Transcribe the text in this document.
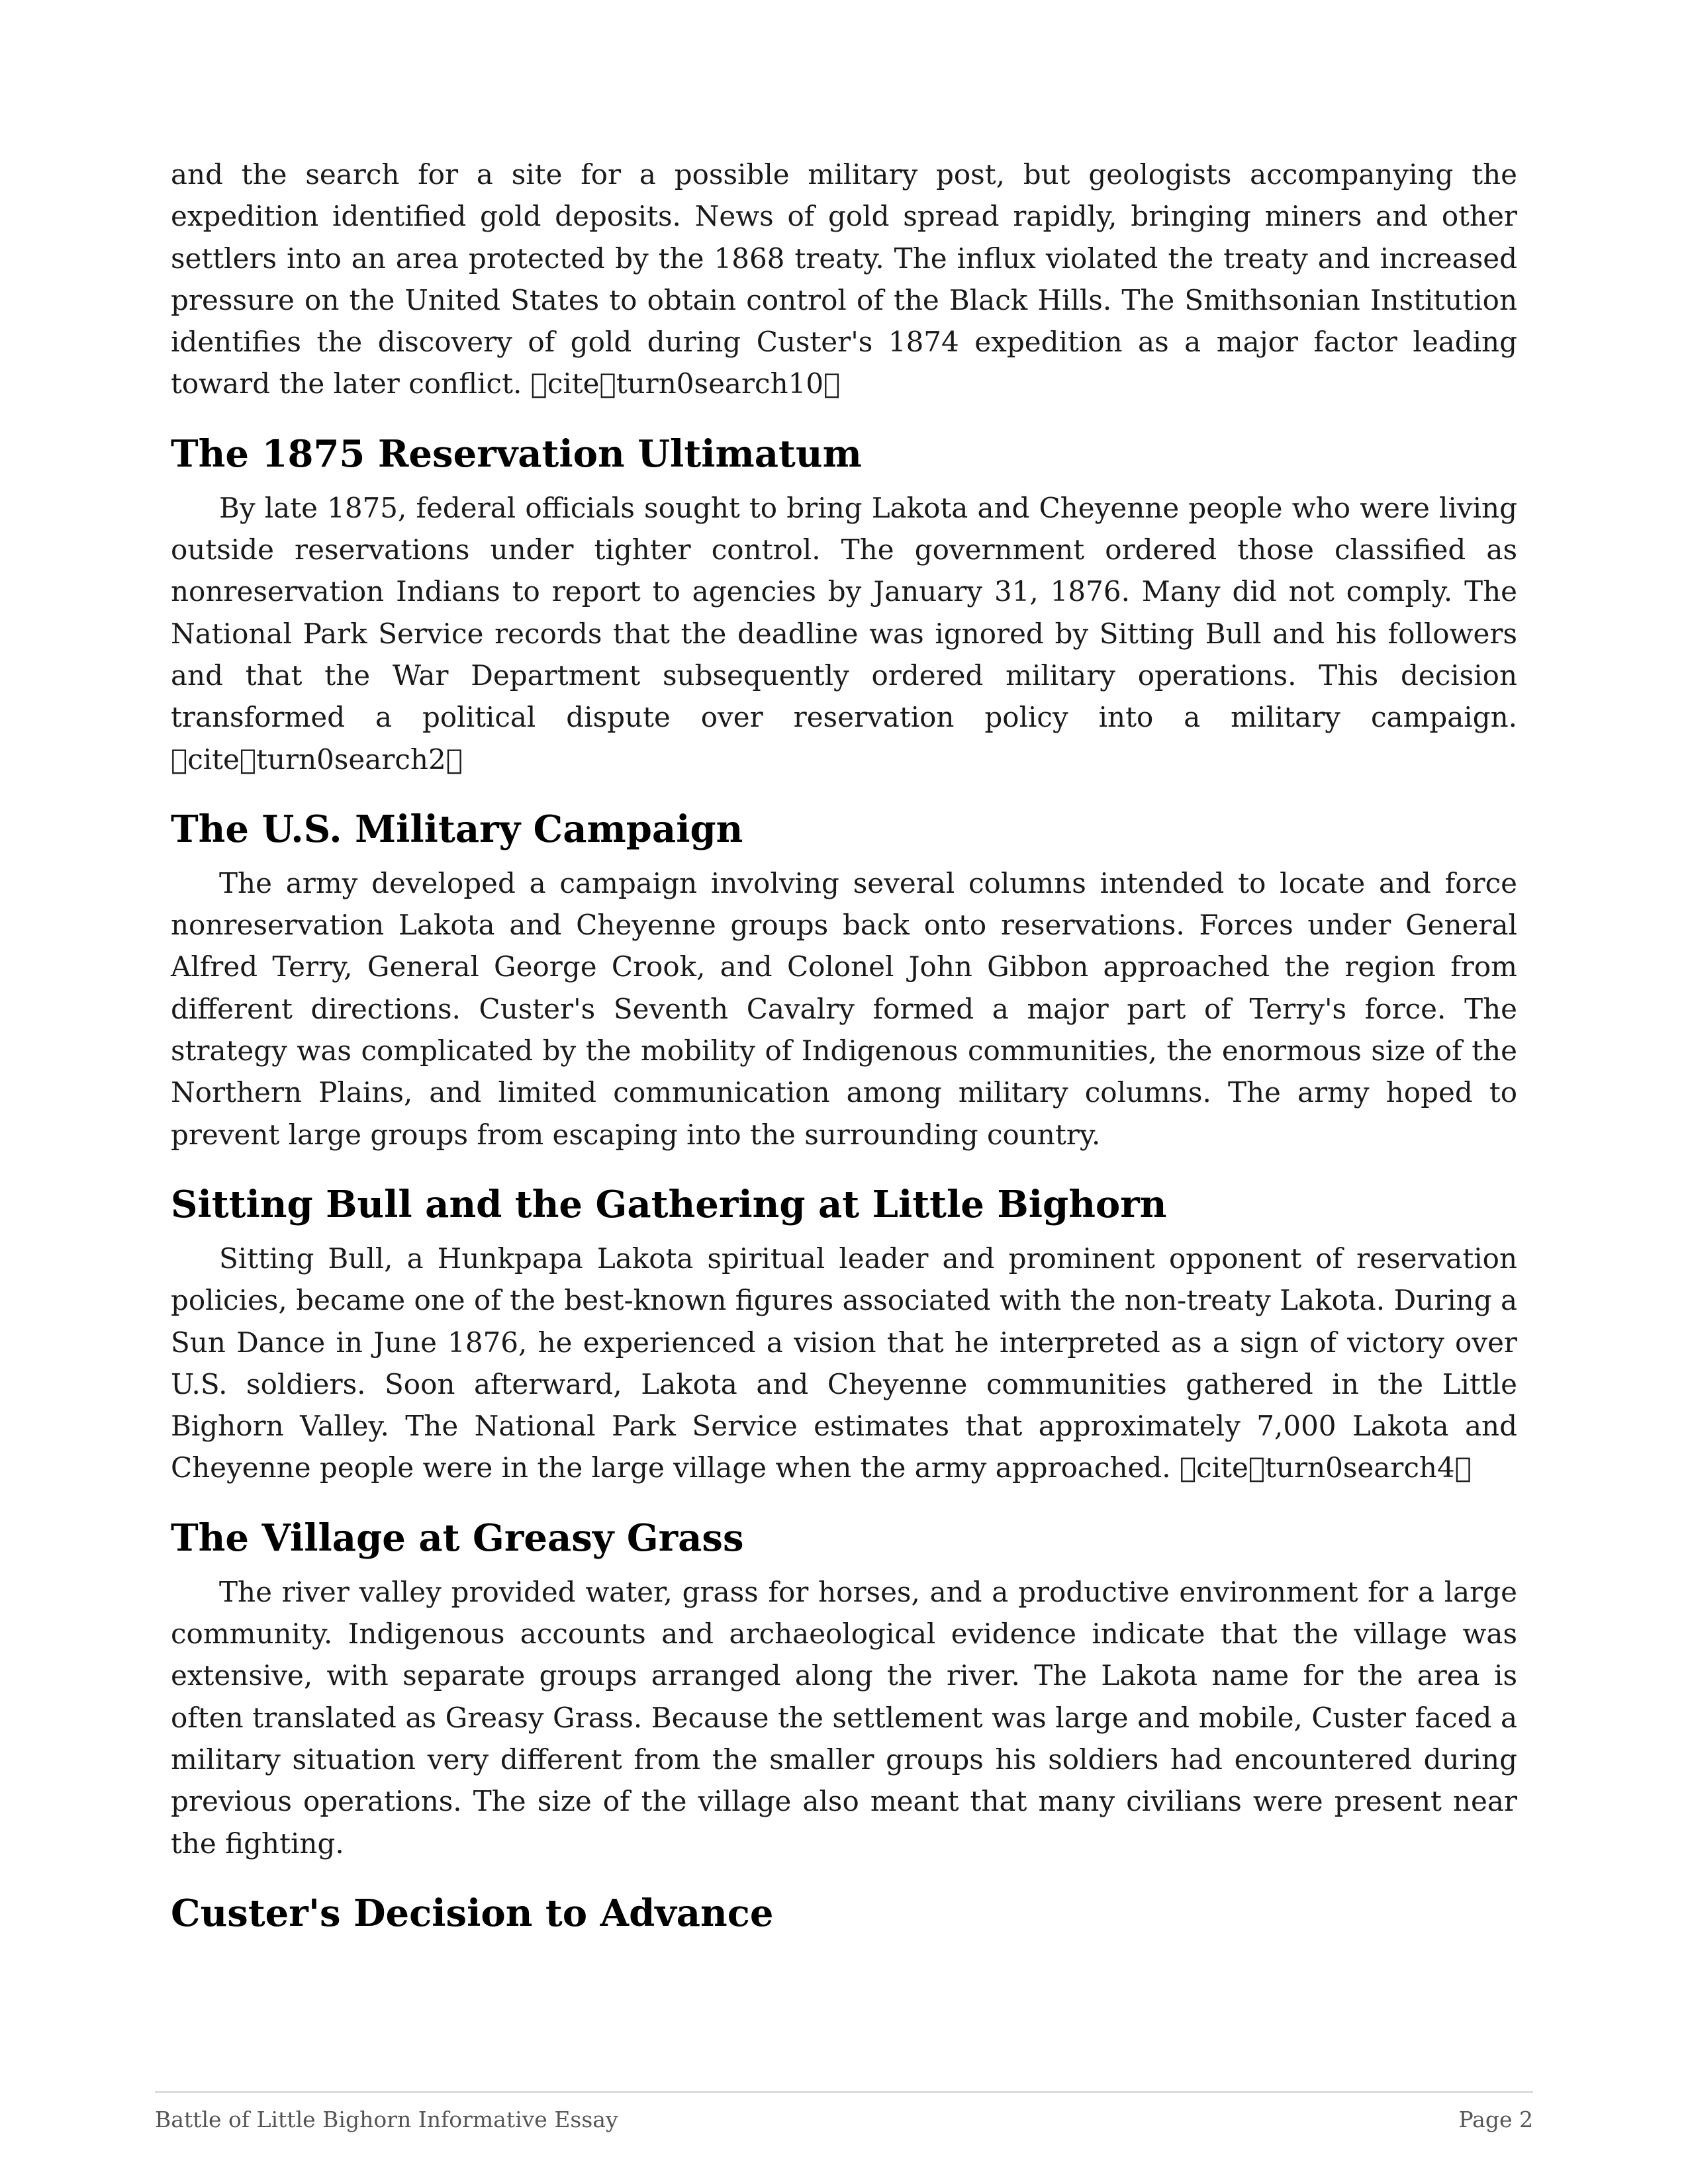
and the search for a site for a possible military post, but geologists accompanying the expedition identified gold deposits. News of gold spread rapidly, bringing miners and other settlers into an area protected by the 1868 treaty. The influx violated the treaty and increased pressure on the United States to obtain control of the Black Hills. The Smithsonian Institution identifies the discovery of gold during Custer's 1874 expedition as a major factor leading toward the later conflict. cite turn0search10

The 1875 Reservation Ultimatum

By late 1875, federal officials sought to bring Lakota and Cheyenne people who were living outside reservations under tighter control. The government ordered those classified as nonreservation Indians to report to agencies by January 31, 1876. Many did not comply. The National Park Service records that the deadline was ignored by Sitting Bull and his followers and that the War Department subsequently ordered military operations. This decision transformed a political dispute over reservation policy into a military campaign. cite turn0search2

The U.S. Military Campaign

The army developed a campaign involving several columns intended to locate and force nonreservation Lakota and Cheyenne groups back onto reservations. Forces under General Alfred Terry, General George Crook, and Colonel John Gibbon approached the region from different directions. Custer's Seventh Cavalry formed a major part of Terry's force. The strategy was complicated by the mobility of Indigenous communities, the enormous size of the Northern Plains, and limited communication among military columns. The army hoped to prevent large groups from escaping into the surrounding country.

Sitting Bull and the Gathering at Little Bighorn

Sitting Bull, a Hunkpapa Lakota spiritual leader and prominent opponent of reservation policies, became one of the best-known figures associated with the non-treaty Lakota. During a Sun Dance in June 1876, he experienced a vision that he interpreted as a sign of victory over U.S. soldiers. Soon afterward, Lakota and Cheyenne communities gathered in the Little Bighorn Valley. The National Park Service estimates that approximately 7,000 Lakota and Cheyenne people were in the large village when the army approached. cite turn0search4

The Village at Greasy Grass

The river valley provided water, grass for horses, and a productive environment for a large community. Indigenous accounts and archaeological evidence indicate that the village was extensive, with separate groups arranged along the river. The Lakota name for the area is often translated as Greasy Grass. Because the settlement was large and mobile, Custer faced a military situation very different from the smaller groups his soldiers had encountered during previous operations. The size of the village also meant that many civilians were present near the fighting.

Custer's Decision to Advance
Battle of Little Bighorn Informative Essay	Page 2
